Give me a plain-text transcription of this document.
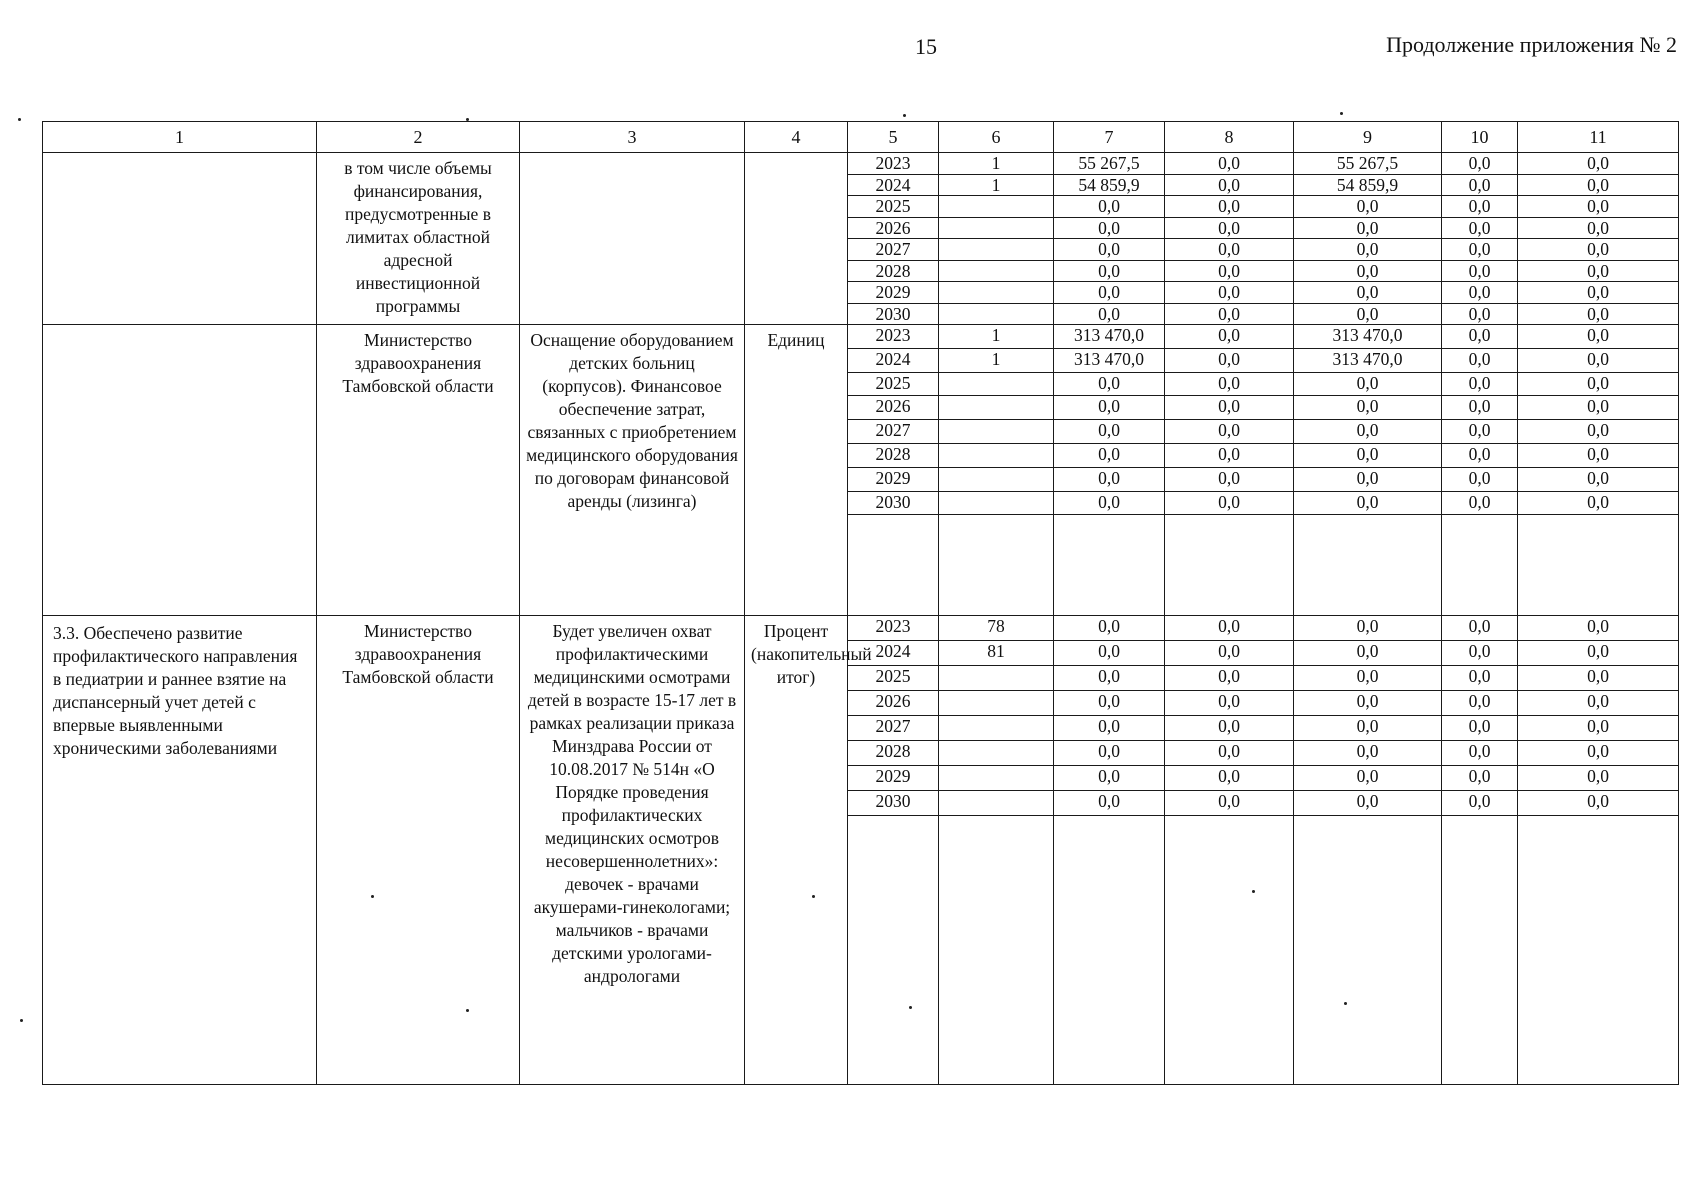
15	Продолжение приложения № 2
1	2	3	4	5	6	7	8	9	10	11
	в том числе объемы финансирования, предусмотренные в лимитах областной адресной инвестиционной программы			2023	1	55 267,5	0,0	55 267,5	0,0	0,0
				2024	1	54 859,9	0,0	54 859,9	0,0	0,0
				2025		0,0	0,0	0,0	0,0	0,0
				2026		0,0	0,0	0,0	0,0	0,0
				2027		0,0	0,0	0,0	0,0	0,0
				2028		0,0	0,0	0,0	0,0	0,0
				2029		0,0	0,0	0,0	0,0	0,0
				2030		0,0	0,0	0,0	0,0	0,0
	Министерство здравоохранения Тамбовской области	Оснащение оборудованием детских больниц (корпусов). Финансовое обеспечение затрат, связанных с приобретением медицинского оборудования по договорам финансовой аренды (лизинга)	Единиц	2023	1	313 470,0	0,0	313 470,0	0,0	0,0
				2024	1	313 470,0	0,0	313 470,0	0,0	0,0
				2025		0,0	0,0	0,0	0,0	0,0
				2026		0,0	0,0	0,0	0,0	0,0
				2027		0,0	0,0	0,0	0,0	0,0
				2028		0,0	0,0	0,0	0,0	0,0
				2029		0,0	0,0	0,0	0,0	0,0
				2030		0,0	0,0	0,0	0,0	0,0

3.3. Обеспечено развитие профилактического направления в педиатрии и раннее взятие на диспансерный учет детей с впервые выявленными хроническими заболеваниями	Министерство здравоохранения Тамбовской области	Будет увеличен охват профилактическими медицинскими осмотрами детей в возрасте 15-17 лет в рамках реализации приказа Минздрава России от 10.08.2017 № 514н «О Порядке проведения профилактических медицинских осмотров несовершеннолетних»: девочек - врачами акушерами-гинекологами; мальчиков - врачами детскими урологами-андрологами	Процент (накопительный итог)	2023	78	0,0	0,0	0,0	0,0	0,0
				2024	81	0,0	0,0	0,0	0,0	0,0
				2025		0,0	0,0	0,0	0,0	0,0
				2026		0,0	0,0	0,0	0,0	0,0
				2027		0,0	0,0	0,0	0,0	0,0
				2028		0,0	0,0	0,0	0,0	0,0
				2029		0,0	0,0	0,0	0,0	0,0
				2030		0,0	0,0	0,0	0,0	0,0
